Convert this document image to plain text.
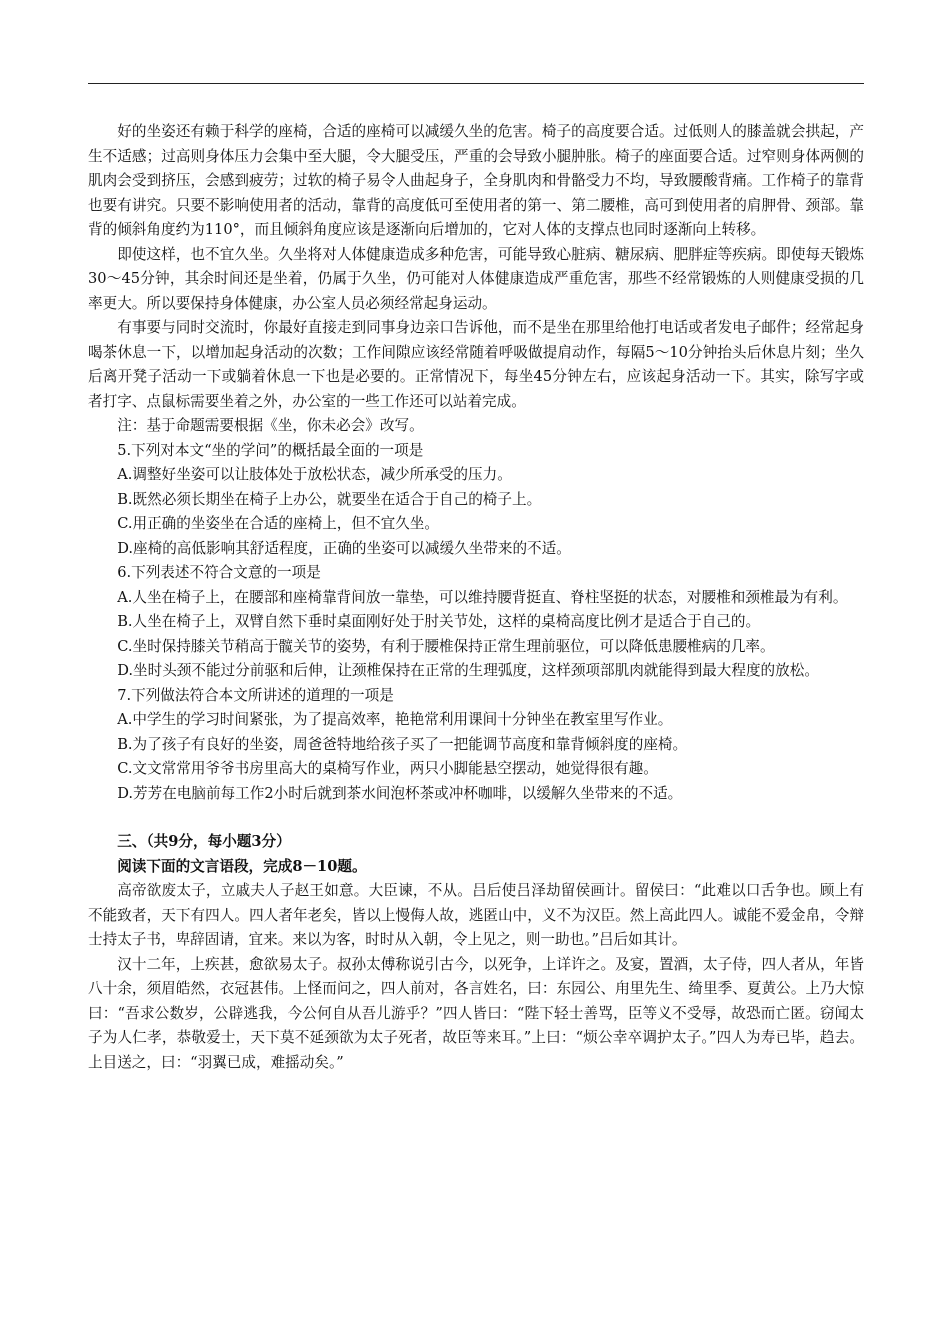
好的坐姿还有赖于科学的座椅，合适的座椅可以减缓久坐的危害。椅子的高度要合适。过低则人的膝盖就会拱起，产生不适感；过高则身体压力会集中至大腿，令大腿受压，严重的会导致小腿肿胀。椅子的座面要合适。过窄则身体两侧的肌肉会受到挤压，会感到疲劳；过软的椅子易令人曲起身子，全身肌肉和骨骼受力不均，导致腰酸背痛。工作椅子的靠背也要有讲究。只要不影响使用者的活动，靠背的高度低可至使用者的第一、第二腰椎，高可到使用者的肩胛骨、颈部。靠背的倾斜角度约为110°，而且倾斜角度应该是逐渐向后增加的，它对人体的支撑点也同时逐渐向上转移。

即使这样，也不宜久坐。久坐将对人体健康造成多种危害，可能导致心脏病、糖尿病、肥胖症等疾病。即使每天锻炼30～45分钟，其余时间还是坐着，仍属于久坐，仍可能对人体健康造成严重危害，那些不经常锻炼的人则健康受损的几率更大。所以要保持身体健康，办公室人员必须经常起身运动。

有事要与同时交流时，你最好直接走到同事身边亲口告诉他，而不是坐在那里给他打电话或者发电子邮件；经常起身喝茶休息一下，以增加起身活动的次数；工作间隙应该经常随着呼吸做提肩动作，每隔5～10分钟抬头后休息片刻；坐久后离开凳子活动一下或躺着休息一下也是必要的。正常情况下，每坐45分钟左右，应该起身活动一下。其实，除写字或者打字、点鼠标需要坐着之外，办公室的一些工作还可以站着完成。

注：基于命题需要根据《坐，你未必会》改写。

5.下列对本文“坐的学问”的概括最全面的一项是

A.调整好坐姿可以让肢体处于放松状态，减少所承受的压力。

B.既然必须长期坐在椅子上办公，就要坐在适合于自己的椅子上。

C.用正确的坐姿坐在合适的座椅上，但不宜久坐。

D.座椅的高低影响其舒适程度，正确的坐姿可以减缓久坐带来的不适。

6.下列表述不符合文意的一项是

A.人坐在椅子上，在腰部和座椅靠背间放一靠垫，可以维持腰背挺直、脊柱坚挺的状态，对腰椎和颈椎最为有利。

B.人坐在椅子上，双臂自然下垂时桌面刚好处于肘关节处，这样的桌椅高度比例才是适合于自己的。

C.坐时保持膝关节稍高于髋关节的姿势，有利于腰椎保持正常生理前驱位，可以降低患腰椎病的几率。

D.坐时头颈不能过分前驱和后伸，让颈椎保持在正常的生理弧度，这样颈项部肌肉就能得到最大程度的放松。

7.下列做法符合本文所讲述的道理的一项是

A.中学生的学习时间紧张，为了提高效率，艳艳常利用课间十分钟坐在教室里写作业。

B.为了孩子有良好的坐姿，周爸爸特地给孩子买了一把能调节高度和靠背倾斜度的座椅。

C.文文常常用爷爷书房里高大的桌椅写作业，两只小脚能悬空摆动，她觉得很有趣。

D.芳芳在电脑前每工作2小时后就到茶水间泡杯茶或冲杯咖啡，以缓解久坐带来的不适。

三、（共9分，每小题3分）

阅读下面的文言语段，完成8－10题。

高帝欲废太子，立戚夫人子赵王如意。大臣谏，不从。吕后使吕泽劫留侯画计。留侯曰：“此难以口舌争也。顾上有不能致者，天下有四人。四人者年老矣，皆以上慢侮人故，逃匿山中，义不为汉臣。然上高此四人。诚能不爱金帛，令辩士持太子书，卑辞固请，宜来。来以为客，时时从入朝，令上见之，则一助也。”吕后如其计。

汉十二年，上疾甚，愈欲易太子。叔孙太傅称说引古今，以死争，上详许之。及宴，置酒，太子侍，四人者从，年皆八十余，须眉皓然，衣冠甚伟。上怪而问之，四人前对，各言姓名，曰：东园公、甪里先生、绮里季、夏黄公。上乃大惊曰：“吾求公数岁，公辟逃我，今公何自从吾儿游乎？”四人皆曰：“陛下轻士善骂，臣等义不受辱，故恐而亡匿。窃闻太子为人仁孝，恭敬爱士，天下莫不延颈欲为太子死者，故臣等来耳。”上曰：“烦公幸卒调护太子。”四人为寿已毕，趋去。上目送之，曰：“羽翼已成，难摇动矣。”
